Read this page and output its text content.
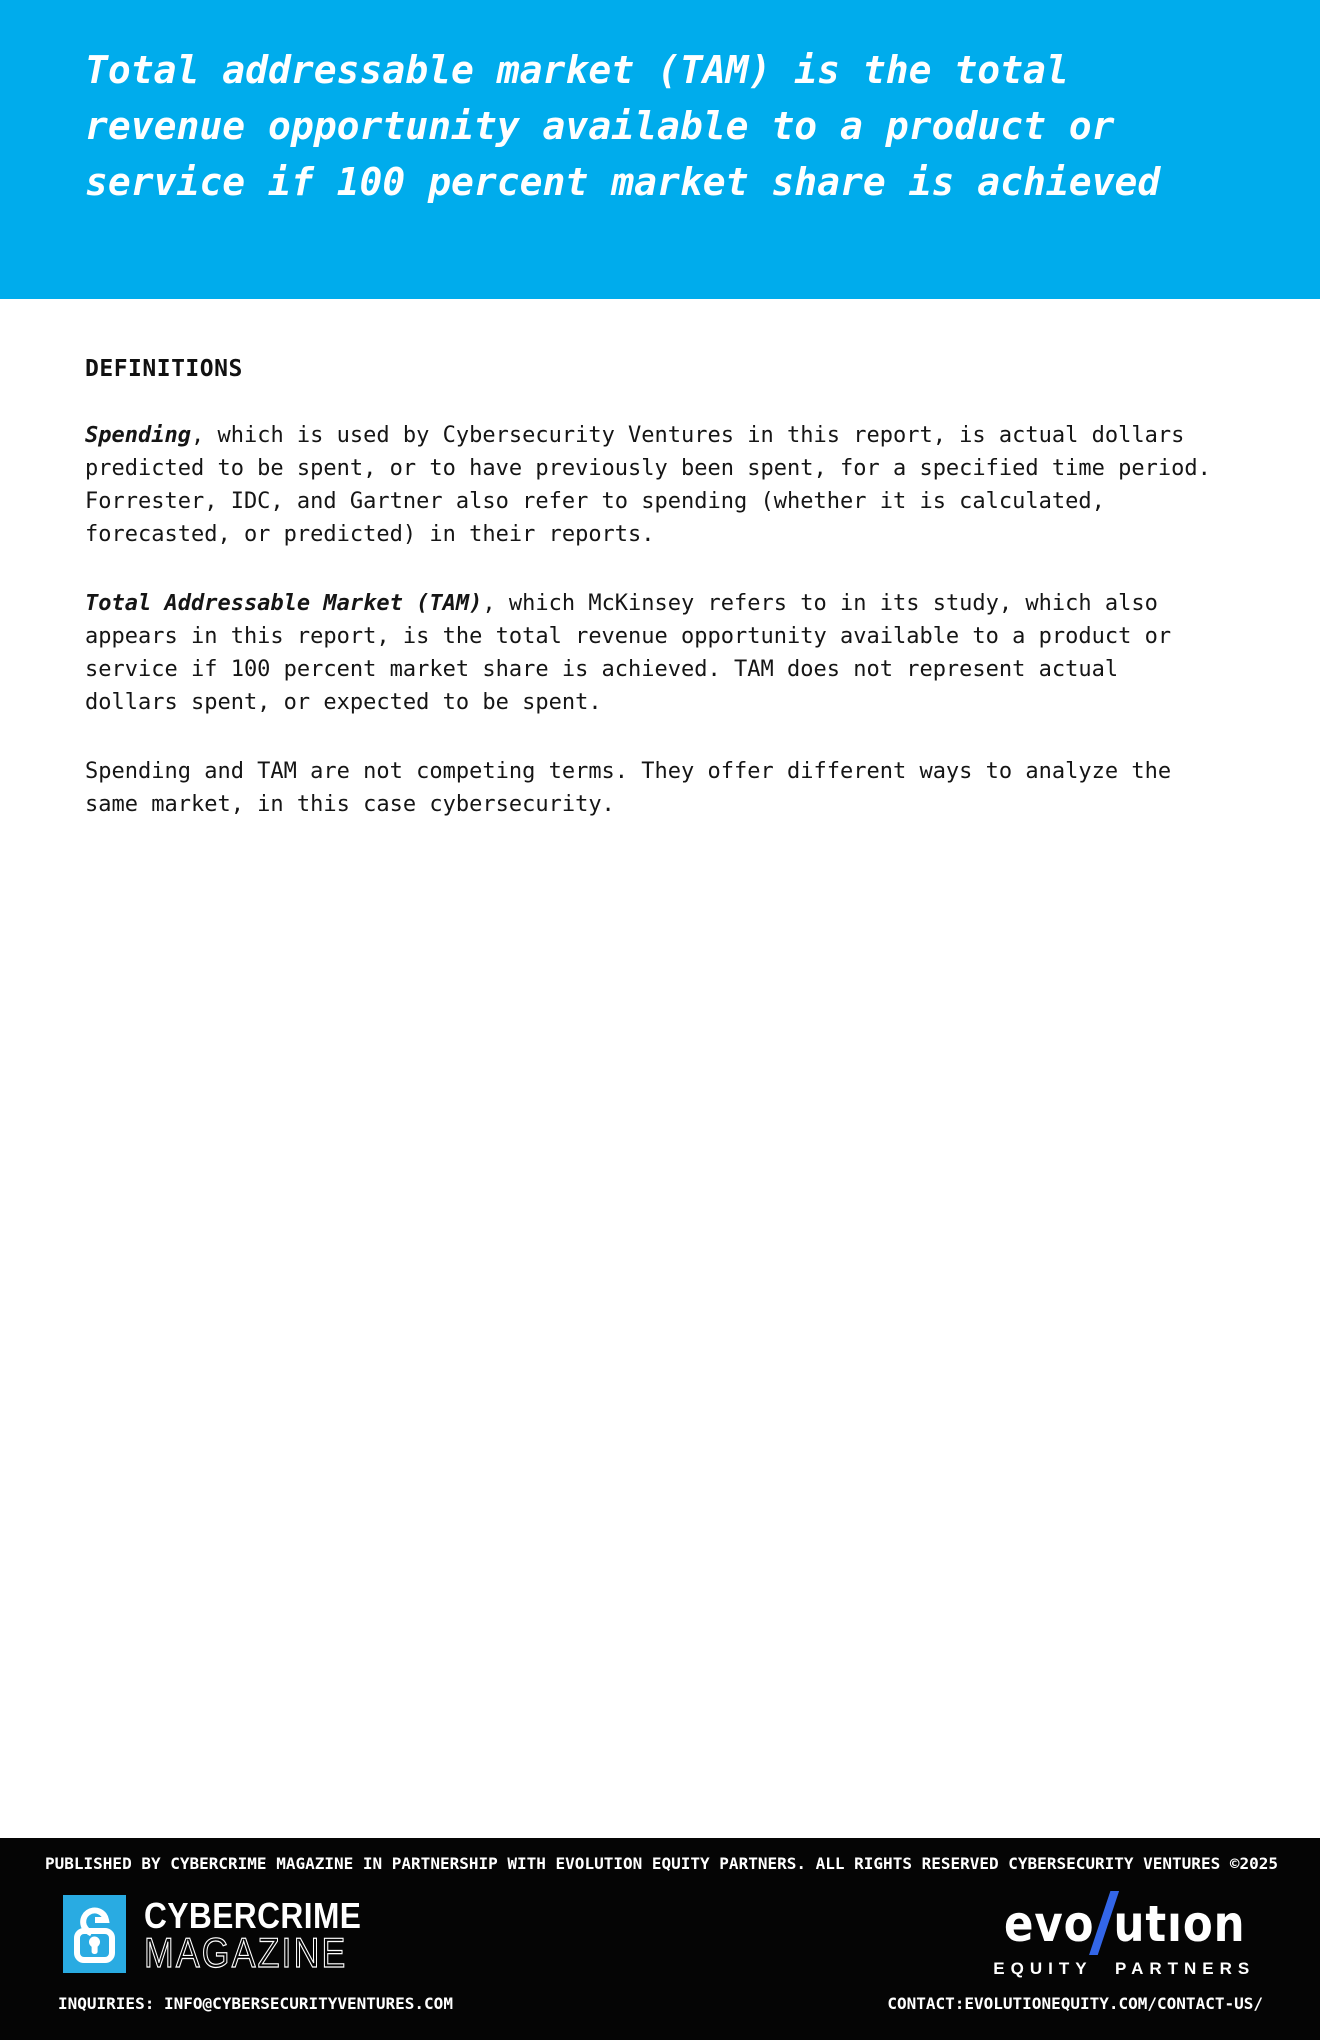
Total addressable market (TAM) is the total revenue opportunity available to a product or service if 100 percent market share is achieved
DEFINITIONS

Spending, which is used by Cybersecurity Ventures in this report, is actual dollars predicted to be spent, or to have previously been spent, for a specified time period. Forrester, IDC, and Gartner also refer to spending (whether it is calculated, forecasted, or predicted) in their reports.

Total Addressable Market (TAM), which McKinsey refers to in its study, which also appears in this report, is the total revenue opportunity available to a product or service if 100 percent market share is achieved. TAM does not represent actual dollars spent, or expected to be spent.

Spending and TAM are not competing terms. They offer different ways to analyze the same market, in this case cybersecurity.

PUBLISHED BY CYBERCRIME MAGAZINE IN PARTNERSHIP WITH EVOLUTION EQUITY PARTNERS. ALL RIGHTS RESERVED CYBERSECURITY VENTURES ©2025
CYBERCRIME
MAGAZINE	evo utıon
EQUITY PARTNERS
INQUIRIES: INFO@CYBERSECURITYVENTURES.COM	CONTACT:EVOLUTIONEQUITY.COM/CONTACT-US/
